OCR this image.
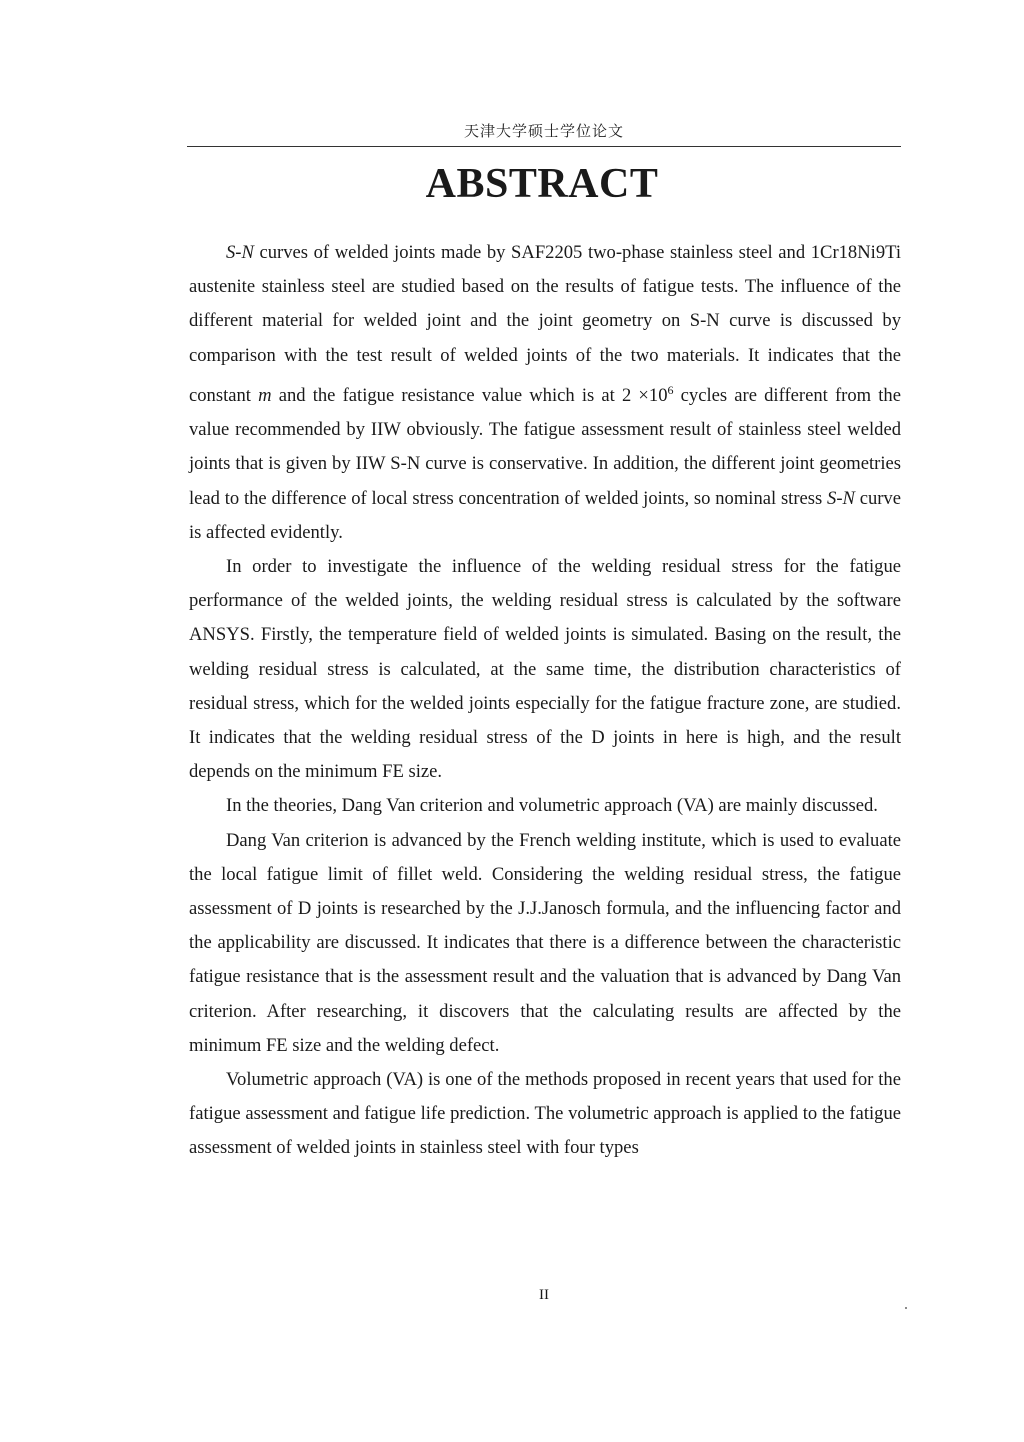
天津大学硕士学位论文
ABSTRACT

S-N curves of welded joints made by SAF2205 two-phase stainless steel and 1Cr18Ni9Ti austenite stainless steel are studied based on the results of fatigue tests. The influence of the different material for welded joint and the joint geometry on S-N curve is discussed by comparison with the test result of welded joints of the two materials. It indicates that the constant m and the fatigue resistance value which is at $2 \times 10^6$ cycles are different from the value recommended by IIW obviously. The fatigue assessment result of stainless steel welded joints that is given by IIW S-N curve is conservative. In addition, the different joint geometries lead to the difference of local stress concentration of welded joints, so nominal stress S-N curve is affected evidently.

In order to investigate the influence of the welding residual stress for the fatigue performance of the welded joints, the welding residual stress is calculated by the software ANSYS. Firstly, the temperature field of welded joints is simulated. Basing on the result, the welding residual stress is calculated, at the same time, the distribution characteristics of residual stress, which for the welded joints especially for the fatigue fracture zone, are studied. It indicates that the welding residual stress of the D joints in here is high, and the result depends on the minimum FE size.

In the theories, Dang Van criterion and volumetric approach (VA) are mainly discussed.

Dang Van criterion is advanced by the French welding institute, which is used to evaluate the local fatigue limit of fillet weld. Considering the welding residual stress, the fatigue assessment of D joints is researched by the J.J.Janosch formula, and the influencing factor and the applicability are discussed. It indicates that there is a difference between the characteristic fatigue resistance that is the assessment result and the valuation that is advanced by Dang Van criterion. After researching, it discovers that the calculating results are affected by the minimum FE size and the welding defect.

Volumetric approach (VA) is one of the methods proposed in recent years that used for the fatigue assessment and fatigue life prediction. The volumetric approach is applied to the fatigue assessment of welded joints in stainless steel with four types

II
